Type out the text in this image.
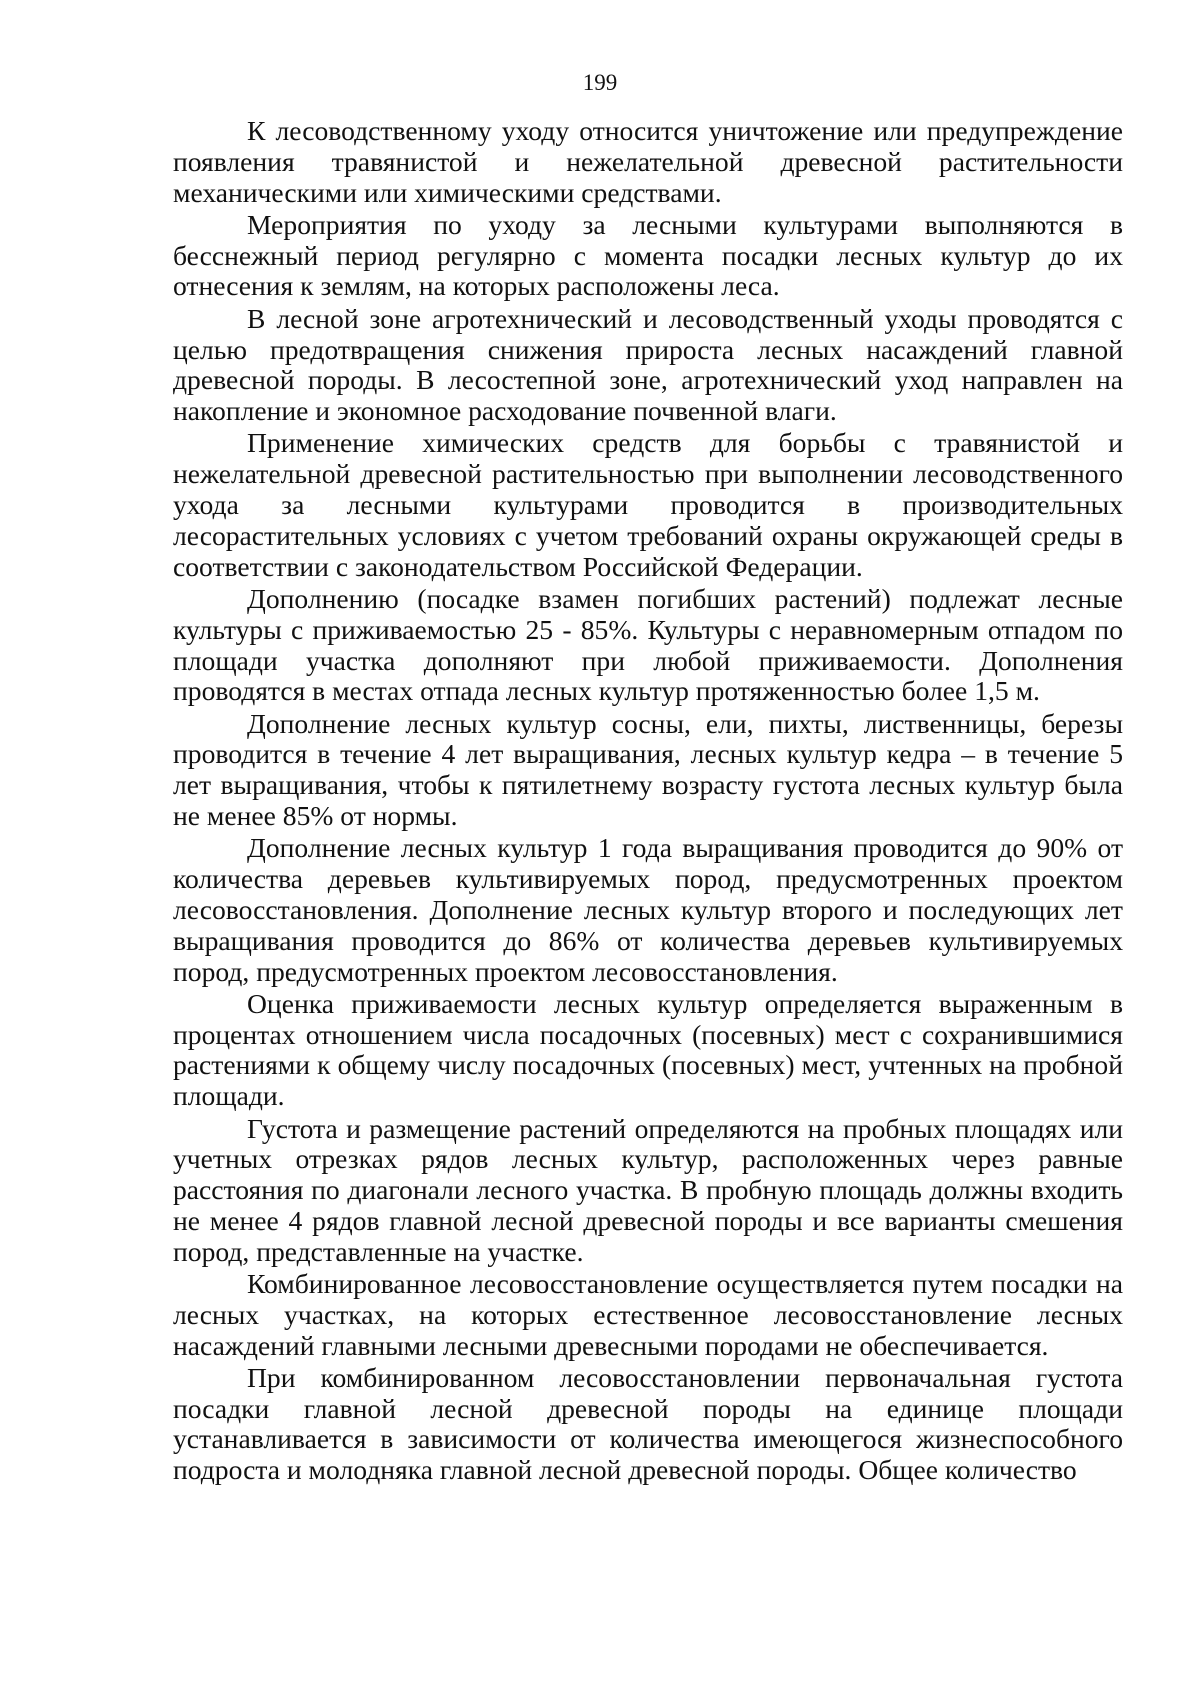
199

К лесоводственному уходу относится уничтожение или предупреждение появления травянистой и нежелательной древесной растительности механическими или химическими средствами.

Мероприятия по уходу за лесными культурами выполняются в бесснежный период регулярно с момента посадки лесных культур до их отнесения к землям, на которых расположены леса.

В лесной зоне агротехнический и лесоводственный уходы проводятся с целью предотвращения снижения прироста лесных насаждений главной древесной породы. В лесостепной зоне, агротехнический уход направлен на накопление и экономное расходование почвенной влаги.

Применение химических средств для борьбы с травянистой и нежелательной древесной растительностью при выполнении лесоводственного ухода за лесными культурами проводится в производительных лесорастительных условиях с учетом требований охраны окружающей среды в соответствии с законодательством Российской Федерации.

Дополнению (посадке взамен погибших растений) подлежат лесные культуры с приживаемостью 25 - 85%. Культуры с неравномерным отпадом по площади участка дополняют при любой приживаемости. Дополнения проводятся в местах отпада лесных культур протяженностью более 1,5 м.

Дополнение лесных культур сосны, ели, пихты, лиственницы, березы проводится в течение 4 лет выращивания, лесных культур кедра – в течение 5 лет выращивания, чтобы к пятилетнему возрасту густота лесных культур была не менее 85% от нормы.

Дополнение лесных культур 1 года выращивания проводится до 90% от количества деревьев культивируемых пород, предусмотренных проектом лесовосстановления. Дополнение лесных культур второго и последующих лет выращивания проводится до 86% от количества деревьев культивируемых пород, предусмотренных проектом лесовосстановления.

Оценка приживаемости лесных культур определяется выраженным в процентах отношением числа посадочных (посевных) мест с сохранившимися растениями к общему числу посадочных (посевных) мест, учтенных на пробной площади.

Густота и размещение растений определяются на пробных площадях или учетных отрезках рядов лесных культур, расположенных через равные расстояния по диагонали лесного участка. В пробную площадь должны входить не менее 4 рядов главной лесной древесной породы и все варианты смешения пород, представленные на участке.

Комбинированное лесовосстановление осуществляется путем посадки на лесных участках, на которых естественное лесовосстановление лесных насаждений главными лесными древесными породами не обеспечивается.

При комбинированном лесовосстановлении первоначальная густота посадки главной лесной древесной породы на единице площади устанавливается в зависимости от количества имеющегося жизнеспособного подроста и молодняка главной лесной древесной породы. Общее количество
